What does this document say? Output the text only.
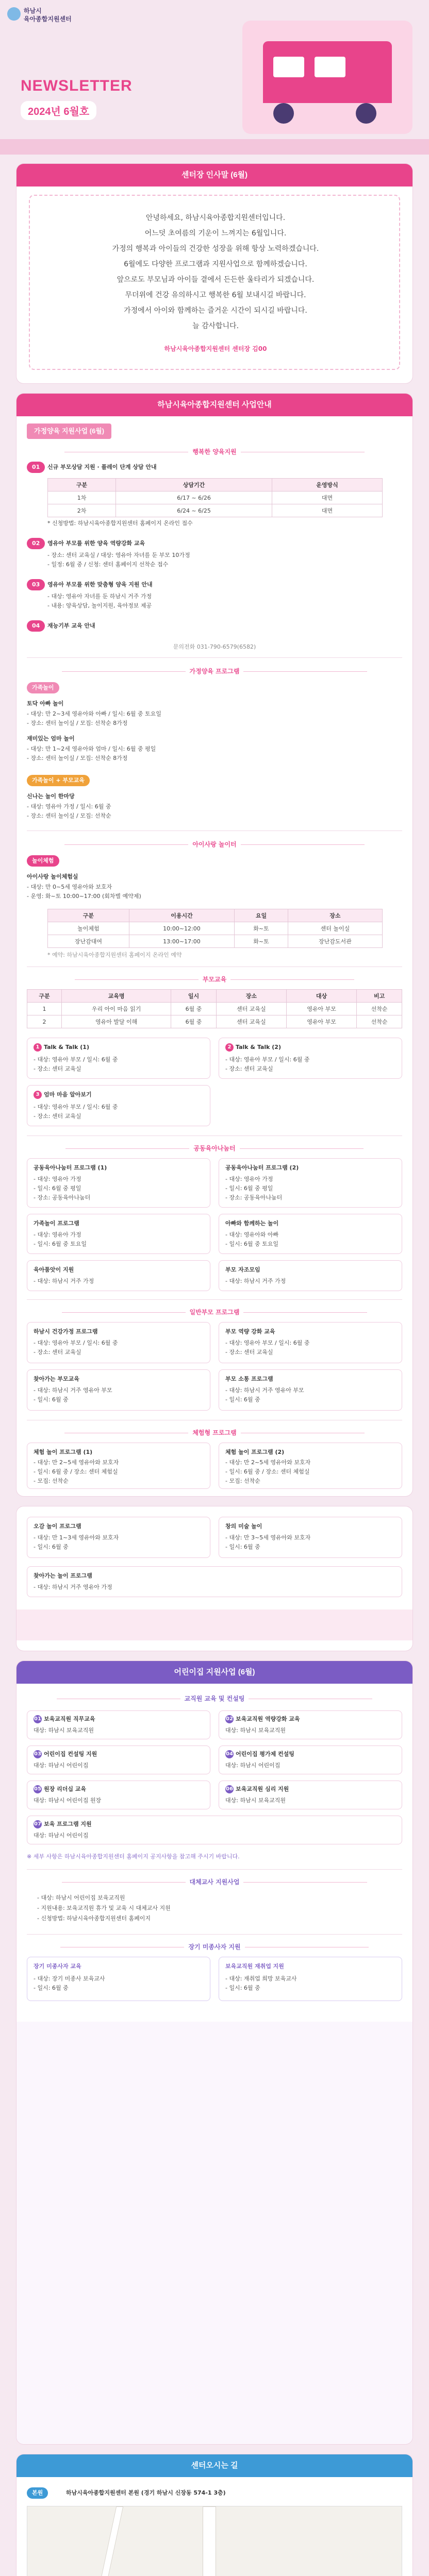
하남시
육아종합지원센터
NEWSLETTER
2024년 6월호
센터장 인사말 (6월)
안녕하세요, 하남시육아종합지원센터입니다.
어느덧 초여름의 기운이 느껴지는 6월입니다.
가정의 행복과 아이들의 건강한 성장을 위해 항상 노력하겠습니다.
6월에도 다양한 프로그램과 지원사업으로 함께하겠습니다.
앞으로도 부모님과 아이들 곁에서 든든한 울타리가 되겠습니다.
무더위에 건강 유의하시고 행복한 6월 보내시길 바랍니다.
가정에서 아이와 함께하는 즐거운 시간이 되시길 바랍니다.
늘 감사합니다.
하남시육아종합지원센터 센터장 김00
하남시육아종합지원센터 사업안내
가정양육 지원사업 (6월)
행복한 양육지원
01	신규 부모상담 지원 · 플레이 단계 상담 안내
구분	상담기간	운영방식
1차	6/17 ~ 6/26	대면
2차	6/24 ~ 6/25	대면
* 신청방법: 하남시육아종합지원센터 홈페이지 온라인 접수
02	영유아 부모를 위한 양육 역량강화 교육
- 장소: 센터 교육실 / 대상: 영유아 자녀를 둔 부모 10가정
- 일정: 6월 중 / 신청: 센터 홈페이지 선착순 접수
03	영유아 부모를 위한 맞춤형 양육 지원 안내
- 대상: 영유아 자녀를 둔 하남시 거주 가정
- 내용: 양육상담, 놀이지원, 육아정보 제공
04	재능기부 교육 안내
문의전화 031-790-6579(6582)
가정양육 프로그램
가족놀이
토닥 아빠 놀이
- 대상: 만 2~3세 영유아와 아빠 / 일시: 6월 중 토요일
- 장소: 센터 놀이실 / 모집: 선착순 8가정
재미있는 엄마 놀이
- 대상: 만 1~2세 영유아와 엄마 / 일시: 6월 중 평일
- 장소: 센터 놀이실 / 모집: 선착순 8가정
가족놀이 + 부모교육
신나는 놀이 한마당
- 대상: 영유아 가정 / 일시: 6월 중
- 장소: 센터 놀이실 / 모집: 선착순
아이사랑 놀이터
놀이체험
아이사랑 놀이체험실
- 대상: 만 0~5세 영유아와 보호자
- 운영: 화~토 10:00~17:00 (회차별 예약제)
구분	이용시간	요일	장소
놀이체험	10:00~12:00	화~토	센터 놀이실
장난감대여	13:00~17:00	화~토	장난감도서관
* 예약: 하남시육아종합지원센터 홈페이지 온라인 예약
부모교육
구분	교육명	일시	장소	대상	비고
1	우리 아이 마음 읽기	6월 중	센터 교육실	영유아 부모	선착순
2	영유아 발달 이해	6월 중	센터 교육실	영유아 부모	선착순
1 Talk & Talk (1)
- 대상: 영유아 부모 / 일시: 6월 중
- 장소: 센터 교육실
2 Talk & Talk (2)
- 대상: 영유아 부모 / 일시: 6월 중
- 장소: 센터 교육실
3 엄마 마음 알아보기
- 대상: 영유아 부모 / 일시: 6월 중
- 장소: 센터 교육실
공동육아나눔터
공동육아나눔터 프로그램 (1)
- 대상: 영유아 가정
- 일시: 6월 중 평일
- 장소: 공동육아나눔터
공동육아나눔터 프로그램 (2)
- 대상: 영유아 가정
- 일시: 6월 중 평일
- 장소: 공동육아나눔터
가족놀이 프로그램
- 대상: 영유아 가정
- 일시: 6월 중 토요일
아빠와 함께하는 놀이
- 대상: 영유아와 아빠
- 일시: 6월 중 토요일
육아품앗이 지원
- 대상: 하남시 거주 가정
부모 자조모임
- 대상: 하남시 거주 가정
일반부모 프로그램
하남시 건강가정 프로그램
- 대상: 영유아 부모 / 일시: 6월 중
- 장소: 센터 교육실
부모 역량 강화 교육
- 대상: 영유아 부모 / 일시: 6월 중
- 장소: 센터 교육실
찾아가는 부모교육
- 대상: 하남시 거주 영유아 부모
- 일시: 6월 중
부모 소통 프로그램
- 대상: 하남시 거주 영유아 부모
- 일시: 6월 중
체험형 프로그램
체험 놀이 프로그램 (1)
- 대상: 만 2~5세 영유아와 보호자
- 일시: 6월 중 / 장소: 센터 체험실
- 모집: 선착순
체험 놀이 프로그램 (2)
- 대상: 만 2~5세 영유아와 보호자
- 일시: 6월 중 / 장소: 센터 체험실
- 모집: 선착순
오감 놀이 프로그램
- 대상: 만 1~3세 영유아와 보호자
- 일시: 6월 중
창의 미술 놀이
- 대상: 만 3~5세 영유아와 보호자
- 일시: 6월 중
찾아가는 놀이 프로그램
- 대상: 하남시 거주 영유아 가정
어린이집 지원사업 (6월)
교직원 교육 및 컨설팅
01 보육교직원 직무교육
대상: 하남시 보육교직원
02 보육교직원 역량강화 교육
대상: 하남시 보육교직원
03 어린이집 컨설팅 지원
대상: 하남시 어린이집
04 어린이집 평가제 컨설팅
대상: 하남시 어린이집
05 원장 리더십 교육
대상: 하남시 어린이집 원장
06 보육교직원 심리 지원
대상: 하남시 보육교직원
07 보육 프로그램 지원
대상: 하남시 어린이집
※ 세부 사항은 하남시육아종합지원센터 홈페이지 공지사항을 참고해 주시기 바랍니다.
대체교사 지원사업
- 대상: 하남시 어린이집 보육교직원
- 지원내용: 보육교직원 휴가 및 교육 시 대체교사 지원
- 신청방법: 하남시육아종합지원센터 홈페이지
장기 미종사자 지원
장기 미종사자 교육
- 대상: 장기 미종사 보육교사
- 일시: 6월 중
보육교직원 재취업 지원
- 대상: 재취업 희망 보육교사
- 일시: 6월 중
센터오시는 길
본원	하남시육아종합지원센터 본원 (경기 하남시 신장동 574-1 3층)
